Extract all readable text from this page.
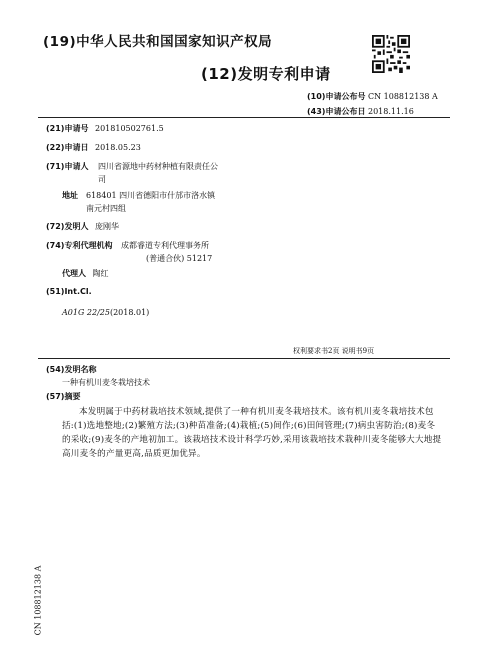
(19)中华人民共和国国家知识产权局
(12)发明专利申请
(10)申请公布号 CN 108812138 A
(43)申请公布日 2018.11.16
(21)申请号 201810502761.5
(22)申请日 2018.05.23
(71)申请人 四川省源地中药材种植有限责任公
司
地址 618401 四川省德阳市什邡市洛水镇
南元村四组
(72)发明人 庞刚华
(74)专利代理机构 成都睿道专利代理事务所
(普通合伙) 51217
代理人 陶红
(51)Int.Cl.
A01G 22/25(2018.01)
权利要求书2页 说明书9页
(54)发明名称
一种有机川麦冬栽培技术
(57)摘要
本发明属于中药材栽培技术领域,提供了一种有机川麦冬栽培技术。该有机川麦冬栽培技术包括:(1)选地整地;(2)繁殖方法;(3)种苗准备;(4)栽植;(5)间作;(6)田间管理;(7)病虫害防治;(8)麦冬的采收;(9)麦冬的产地初加工。该栽培技术设计科学巧妙,采用该栽培技术栽种川麦冬能够大大地提高川麦冬的产量更高,品质更加优异。
CN 108812138 A
